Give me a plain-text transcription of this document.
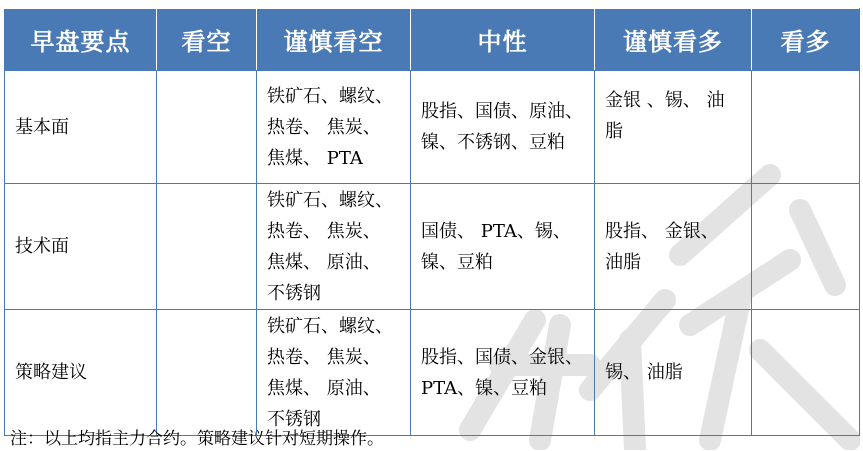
早盘要点	看空	谨慎看空	中性	谨慎看多	看多
基本面		铁矿石、螺纹、
热卷、 焦炭、
焦煤、 PTA	股指、国债、原油、
镍、不锈钢、豆粕	金银 、锡、 油
脂	

技术面		铁矿石、螺纹、
热卷、 焦炭、
焦煤、 原油、
不锈钢	国债、 PTA、锡、
镍、豆粕	股指、 金银、
油脂	

策略建议		铁矿石、螺纹、
热卷、 焦炭、
焦煤、 原油、
不锈钢	股指、国债、金银、
PTA、镍、豆粕	锡、 油脂	

注：以上均指主力合约。策略建议针对短期操作。
